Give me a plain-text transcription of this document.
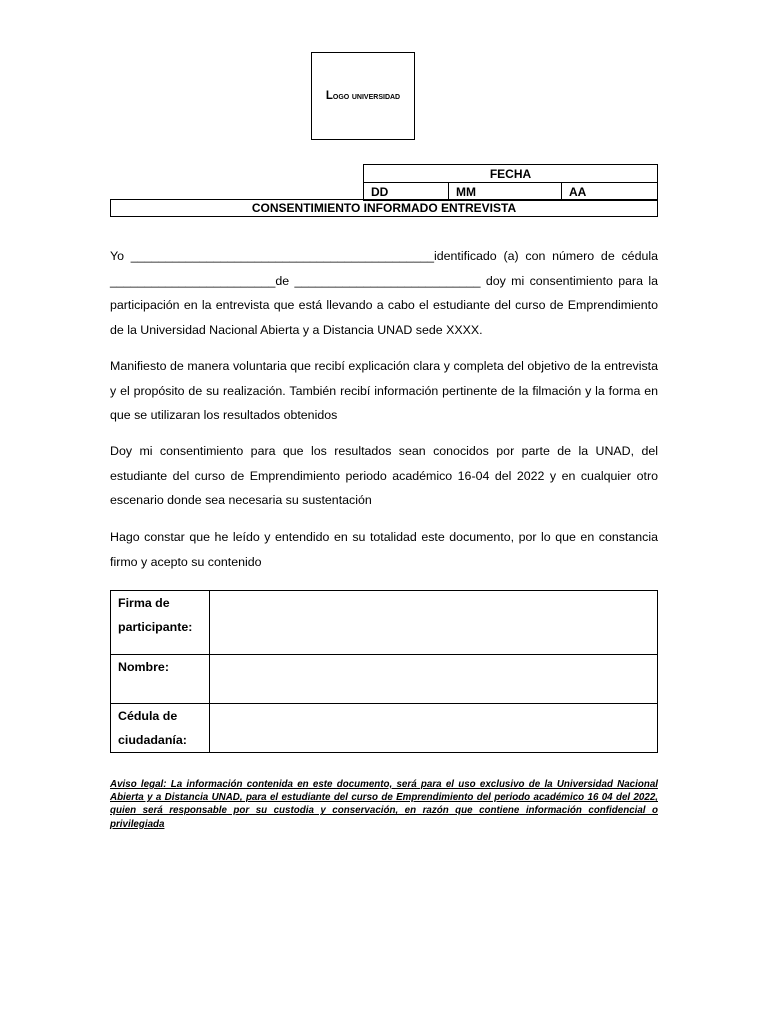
Logo universidad
FECHA
DD	MM	AA
CONSENTIMIENTO INFORMADO ENTREVISTA

Yo ____________________________________________identificado (a) con número de cédula ________________________de ___________________________ doy mi consentimiento para la participación en la entrevista que está llevando a cabo el estudiante del curso de Emprendimiento de la Universidad Nacional Abierta y a Distancia UNAD sede XXXX.

Manifiesto de manera voluntaria que recibí explicación clara y completa del objetivo de la entrevista y el propósito de su realización. También recibí información pertinente de la filmación y la forma en que se utilizaran los resultados obtenidos

Doy mi consentimiento para que los resultados sean conocidos por parte de la UNAD, del estudiante del curso de Emprendimiento periodo académico 16-04 del 2022 y en cualquier otro escenario donde sea necesaria su sustentación

Hago constar que he leído y entendido en su totalidad este documento, por lo que en constancia firmo y acepto su contenido

Firma de participante:	
Nombre:	
Cédula de ciudadanía:	
Aviso legal: La información contenida en este documento, será para el uso exclusivo de la Universidad Nacional Abierta y a Distancia UNAD, para el estudiante del curso de Emprendimiento del periodo académico 16 04 del 2022, quien será responsable por su custodia y conservación, en razón que contiene información confidencial o privilegiada
